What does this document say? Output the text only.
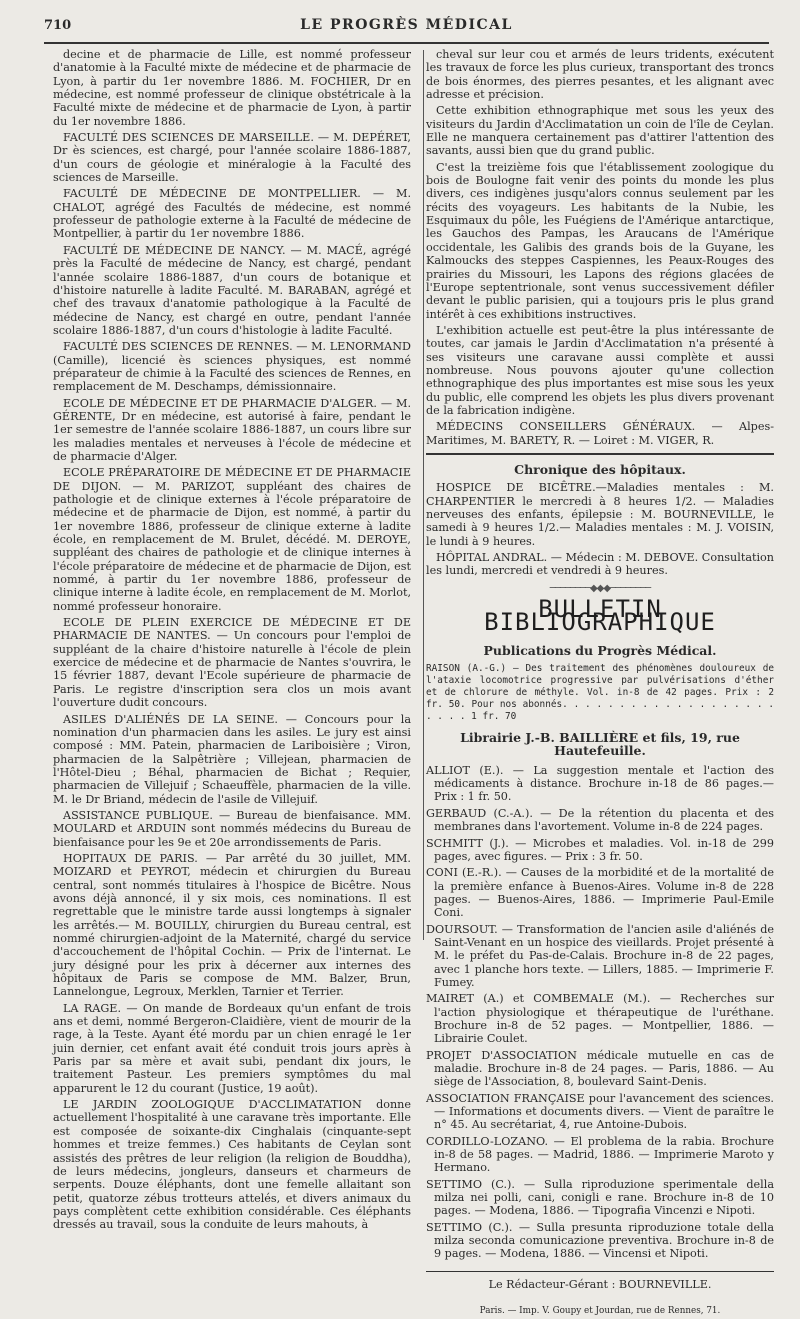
710	LE PROGRÈS MÉDICAL

decine et de pharmacie de Lille, est nommé professeur d'anatomie à la Faculté mixte de médecine et de pharmacie de Lyon, à partir du 1er novembre 1886. M. FOCHIER, Dr en médecine, est nommé professeur de clinique obstétricale à la Faculté mixte de médecine et de pharmacie de Lyon, à partir du 1er novembre 1886.

FACULTÉ DES SCIENCES DE MARSEILLE. — M. DEPÉRET, Dr ès sciences, est chargé, pour l'année scolaire 1886-1887, d'un cours de géologie et minéralogie à la Faculté des sciences de Marseille.

FACULTÉ DE MÉDECINE DE MONTPELLIER. — M. CHALOT, agrégé des Facultés de médecine, est nommé professeur de pathologie externe à la Faculté de médecine de Montpellier, à partir du 1er novembre 1886.

FACULTÉ DE MÉDECINE DE NANCY. — M. MACÉ, agrégé près la Faculté de médecine de Nancy, est chargé, pendant l'année scolaire 1886-1887, d'un cours de botanique et d'histoire naturelle à ladite Faculté. M. BARABAN, agrégé et chef des travaux d'anatomie pathologique à la Faculté de médecine de Nancy, est chargé en outre, pendant l'année scolaire 1886-1887, d'un cours d'histologie à ladite Faculté.

FACULTÉ DES SCIENCES DE RENNES. — M. LENORMAND (Camille), licencié ès sciences physiques, est nommé préparateur de chimie à la Faculté des sciences de Rennes, en remplacement de M. Deschamps, démissionnaire.

ECOLE DE MÉDECINE ET DE PHARMACIE D'ALGER. — M. GÉRENTE, Dr en médecine, est autorisé à faire, pendant le 1er semestre de l'année scolaire 1886-1887, un cours libre sur les maladies mentales et nerveuses à l'école de médecine et de pharmacie d'Alger.

ECOLE PRÉPARATOIRE DE MÉDECINE ET DE PHARMACIE DE DIJON. — M. PARIZOT, suppléant des chaires de pathologie et de clinique externes à l'école préparatoire de médecine et de pharmacie de Dijon, est nommé, à partir du 1er novembre 1886, professeur de clinique externe à ladite école, en remplacement de M. Brulet, décédé. M. DEROYE, suppléant des chaires de pathologie et de clinique internes à l'école préparatoire de médecine et de pharmacie de Dijon, est nommé, à partir du 1er novembre 1886, professeur de clinique interne à ladite école, en remplacement de M. Morlot, nommé professeur honoraire.

ECOLE DE PLEIN EXERCICE DE MÉDECINE ET DE PHARMACIE DE NANTES. — Un concours pour l'emploi de suppléant de la chaire d'histoire naturelle à l'école de plein exercice de médecine et de pharmacie de Nantes s'ouvrira, le 15 février 1887, devant l'Ecole supérieure de pharmacie de Paris. Le registre d'inscription sera clos un mois avant l'ouverture dudit concours.

ASILES D'ALIÉNÉS DE LA SEINE. — Concours pour la nomination d'un pharmacien dans les asiles. Le jury est ainsi composé : MM. Patein, pharmacien de Lariboisière ; Viron, pharmacien de la Salpêtrière ; Villejean, pharmacien de l'Hôtel-Dieu ; Béhal, pharmacien de Bichat ; Requier, pharmacien de Villejuif ; Schaeuffèle, pharmacien de la ville. M. le Dr Briand, médecin de l'asile de Villejuif.

ASSISTANCE PUBLIQUE. — Bureau de bienfaisance. MM. MOULARD et ARDUIN sont nommés médecins du Bureau de bienfaisance pour les 9e et 20e arrondissements de Paris.

HOPITAUX DE PARIS. — Par arrêté du 30 juillet, MM. MOIZARD et PEYROT, médecin et chirurgien du Bureau central, sont nommés titulaires à l'hospice de Bicêtre. Nous avons déjà annoncé, il y six mois, ces nominations. Il est regrettable que le ministre tarde aussi longtemps à signaler les arrêtés.— M. BOUILLY, chirurgien du Bureau central, est nommé chirurgien-adjoint de la Maternité, chargé du service d'accouchement de l'hôpital Cochin. — Prix de l'internat. Le jury désigné pour les prix à décerner aux internes des hôpitaux de Paris se compose de MM. Balzer, Brun, Lannelongue, Legroux, Merklen, Tarnier et Terrier.

LA RAGE. — On mande de Bordeaux qu'un enfant de trois ans et demi, nommé Bergeron-Claidière, vient de mourir de la rage, à la Teste. Ayant été mordu par un chien enragé le 1er juin dernier, cet enfant avait été conduit trois jours après à Paris par sa mère et avait subi, pendant dix jours, le traitement Pasteur. Les premiers symptômes du mal apparurent le 12 du courant (Justice, 19 août).

LE JARDIN ZOOLOGIQUE D'ACCLIMATATION donne actuellement l'hospitalité à une caravane très importante. Elle est composée de soixante-dix Cinghalais (cinquante-sept hommes et treize femmes.) Ces habitants de Ceylan sont assistés des prêtres de leur religion (la religion de Bouddha), de leurs médecins, jongleurs, danseurs et charmeurs de serpents. Douze éléphants, dont une femelle allaitant son petit, quatorze zébus trotteurs attelés, et divers animaux du pays complètent cette exhibition considérable. Ces éléphants dressés au travail, sous la conduite de leurs mahouts, à

cheval sur leur cou et armés de leurs tridents, exécutent les travaux de force les plus curieux, transportant des troncs de bois énormes, des pierres pesantes, et les alignant avec adresse et précision.

Cette exhibition ethnographique met sous les yeux des visiteurs du Jardin d'Acclimatation un coin de l'île de Ceylan. Elle ne manquera certainement pas d'attirer l'attention des savants, aussi bien que du grand public.

C'est la treizième fois que l'établissement zoologique du bois de Boulogne fait venir des points du monde les plus divers, ces indigènes jusqu'alors connus seulement par les récits des voyageurs. Les habitants de la Nubie, les Esquimaux du pôle, les Fuégiens de l'Amérique antarctique, les Gauchos des Pampas, les Araucans de l'Amérique occidentale, les Galibis des grands bois de la Guyane, les Kalmoucks des steppes Caspiennes, les Peaux-Rouges des prairies du Missouri, les Lapons des régions glacées de l'Europe septentrionale, sont venus successivement défiler devant le public parisien, qui a toujours pris le plus grand intérêt à ces exhibitions instructives.

L'exhibition actuelle est peut-être la plus intéressante de toutes, car jamais le Jardin d'Acclimatation n'a présenté à ses visiteurs une caravane aussi complète et aussi nombreuse. Nous pouvons ajouter qu'une collection ethnographique des plus importantes est mise sous les yeux du public, elle comprend les objets les plus divers provenant de la fabrication indigène.

MÉDECINS CONSEILLERS GÉNÉRAUX. — Alpes-Maritimes, M. BARETY, R. — Loiret : M. VIGER, R.

Chronique des hôpitaux.

HOSPICE DE BICÊTRE.—Maladies mentales : M. CHARPENTIER le mercredi à 8 heures 1/2. — Maladies nerveuses des enfants, épilepsie : M. BOURNEVILLE, le samedi à 9 heures 1/2.— Maladies mentales : M. J. VOISIN, le lundi à 9 heures.

HÔPITAL ANDRAL. — Médecin : M. DEBOVE. Consultation les lundi, mercredi et vendredi à 9 heures.

────────◆◆◆────────
BULLETIN BIBLIOGRAPHIQUE
Publications du Progrès Médical.
RAISON (A.-G.) — Des traitement des phénomènes douloureux de l'ataxie locomotrice progressive par pulvérisations d'éther et de chlorure de méthyle. Vol. in-8 de 42 pages. Prix : 2 fr. 50. Pour nos abonnés. . . . . . . . . . . . . . . . . . . . . . . 1 fr. 70
Librairie J.-B. BAILLIÈRE et fils, 19, rue Hautefeuille.

ALLIOT (E.). — La suggestion mentale et l'action des médicaments à distance. Brochure in-18 de 86 pages.— Prix : 1 fr. 50.

GERBAUD (C.-A.). — De la rétention du placenta et des membranes dans l'avortement. Volume in-8 de 224 pages.

SCHMITT (J.). — Microbes et maladies. Vol. in-18 de 299 pages, avec figures. — Prix : 3 fr. 50.

CONI (E.-R.). — Causes de la morbidité et de la mortalité de la première enfance à Buenos-Aires. Volume in-8 de 228 pages. — Buenos-Aires, 1886. — Imprimerie Paul-Emile Coni.

DOURSOUT. — Transformation de l'ancien asile d'aliénés de Saint-Venant en un hospice des vieillards. Projet présenté à M. le préfet du Pas-de-Calais. Brochure in-8 de 22 pages, avec 1 planche hors texte. — Lillers, 1885. — Imprimerie F. Fumey.

MAIRET (A.) et COMBEMALE (M.). — Recherches sur l'action physiologique et thérapeutique de l'uréthane. Brochure in-8 de 52 pages. — Montpellier, 1886. — Librairie Coulet.

PROJET D'ASSOCIATION médicale mutuelle en cas de maladie. Brochure in-8 de 24 pages. — Paris, 1886. — Au siège de l'Association, 8, boulevard Saint-Denis.

ASSOCIATION FRANÇAISE pour l'avancement des sciences. — Informations et documents divers. — Vient de paraître le n° 45. Au secrétariat, 4, rue Antoine-Dubois.

CORDILLO-LOZANO. — El problema de la rabia. Brochure in-8 de 58 pages. — Madrid, 1886. — Imprimerie Maroto y Hermano.

SETTIMO (C.). — Sulla riproduzione sperimentale della milza nei polli, cani, conigli e rane. Brochure in-8 de 10 pages. — Modena, 1886. — Tipografia Vincenzi e Nipoti.

SETTIMO (C.). — Sulla presunta riproduzione totale della milza seconda comunicazione preventiva. Brochure in-8 de 9 pages. — Modena, 1886. — Vincensi et Nipoti.

Le Rédacteur-Gérant : BOURNEVILLE.
Paris. — Imp. V. Goupy et Jourdan, rue de Rennes, 71.
